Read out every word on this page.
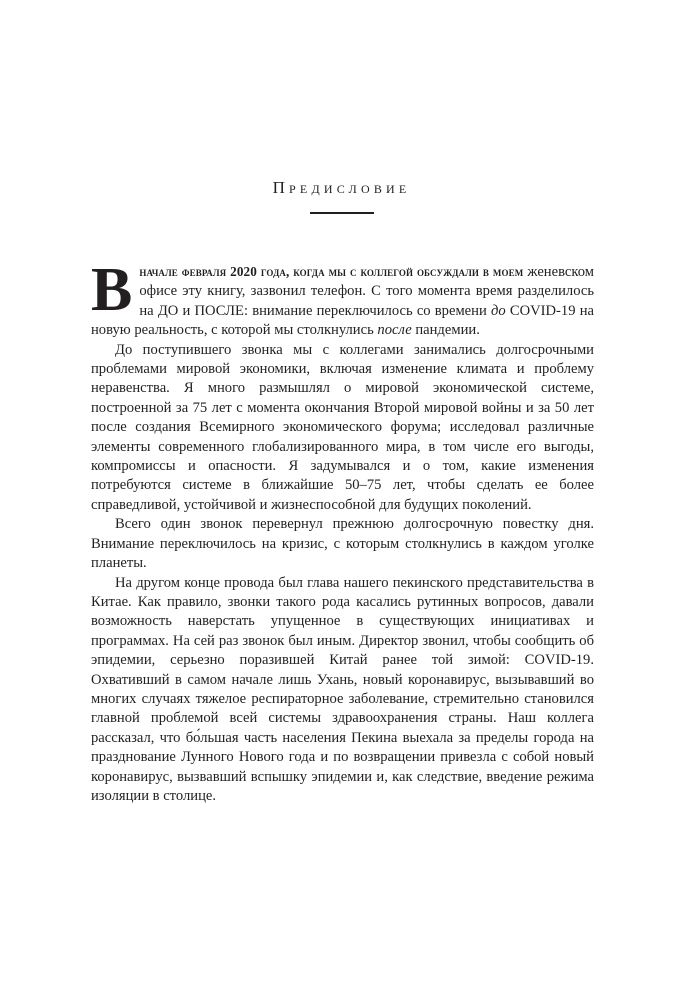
Предисловие

Вначале февраля 2020 года, когда мы с коллегой обсуждали в моем женевском офисе эту книгу, зазвонил телефон. С того момента время разделилось на ДО и ПОСЛЕ: внимание переключилось со времени до COVID-19 на новую реальность, с которой мы столкнулись после пандемии.

До поступившего звонка мы с коллегами занимались долгосрочными проблемами мировой экономики, включая изменение климата и проблему неравенства. Я много размышлял о мировой экономической системе, построенной за 75 лет с момента окончания Второй мировой войны и за 50 лет после создания Всемирного экономического форума; исследовал различные элементы современного глобализированного мира, в том числе его выгоды, компромиссы и опасности. Я задумывался и о том, какие изменения потребуются системе в ближайшие 50–75 лет, чтобы сделать ее более справедливой, устойчивой и жизнеспособной для будущих поколений.

Всего один звонок перевернул прежнюю долгосрочную повестку дня. Внимание переключилось на кризис, с которым столкнулись в каждом уголке планеты.

На другом конце провода был глава нашего пекинского представительства в Китае. Как правило, звонки такого рода касались рутинных вопросов, давали возможность наверстать упущенное в существующих инициативах и программах. На сей раз звонок был иным. Директор звонил, чтобы сообщить об эпидемии, серьезно поразившей Китай ранее той зимой: COVID-19. Охвативший в самом начале лишь Ухань, новый коронавирус, вызывавший во многих случаях тяжелое респираторное заболевание, стремительно становился главной проблемой всей системы здравоохранения страны. Наш коллега рассказал, что бо́льшая часть населения Пекина выехала за пределы города на празднование Лунного Нового года и по возвращении привезла с собой новый коронавирус, вызвавший вспышку эпидемии и, как следствие, введение режима изоляции в столице.
